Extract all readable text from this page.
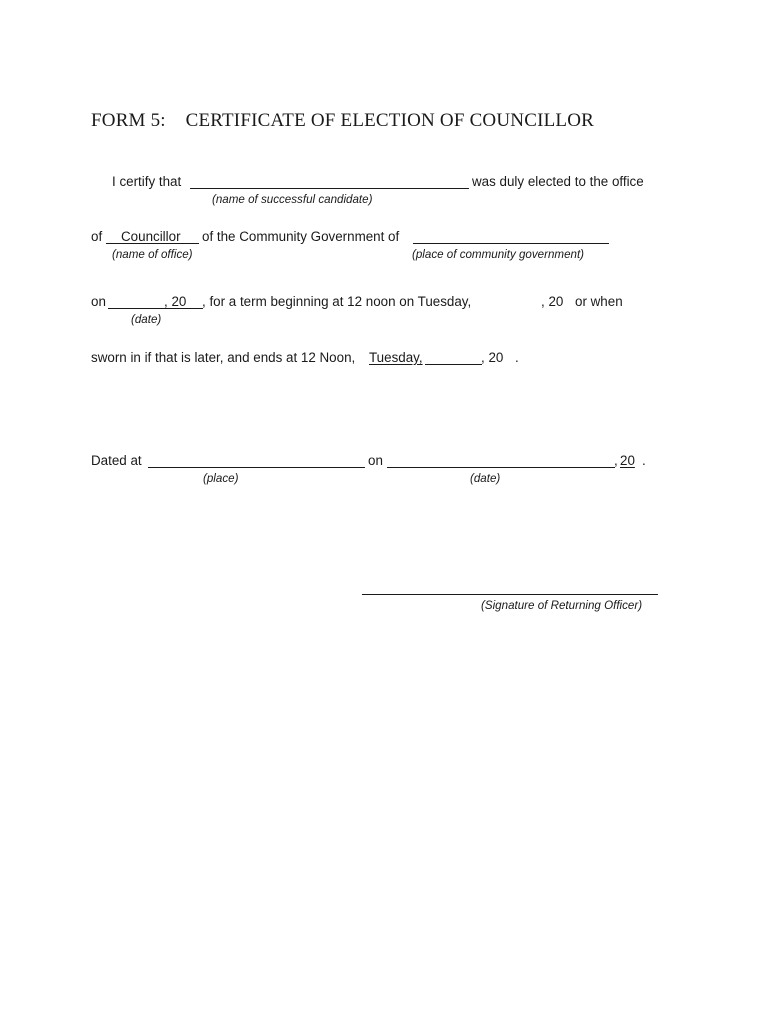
FORM 5:    CERTIFICATE OF ELECTION OF COUNCILLOR
I certify that	was duly elected to the office
(name of successful candidate)
of Councillor of the Community Government of
(name of office)	(place of community government)
on	, 20 , for a term beginning at 12 noon on Tuesday,	, 20 or when
(date)
sworn in if that is later, and ends at 12 Noon, Tuesday,	, 20 .
Dated at	on	, 20 .
(place)	(date)
(Signature of Returning Officer)
